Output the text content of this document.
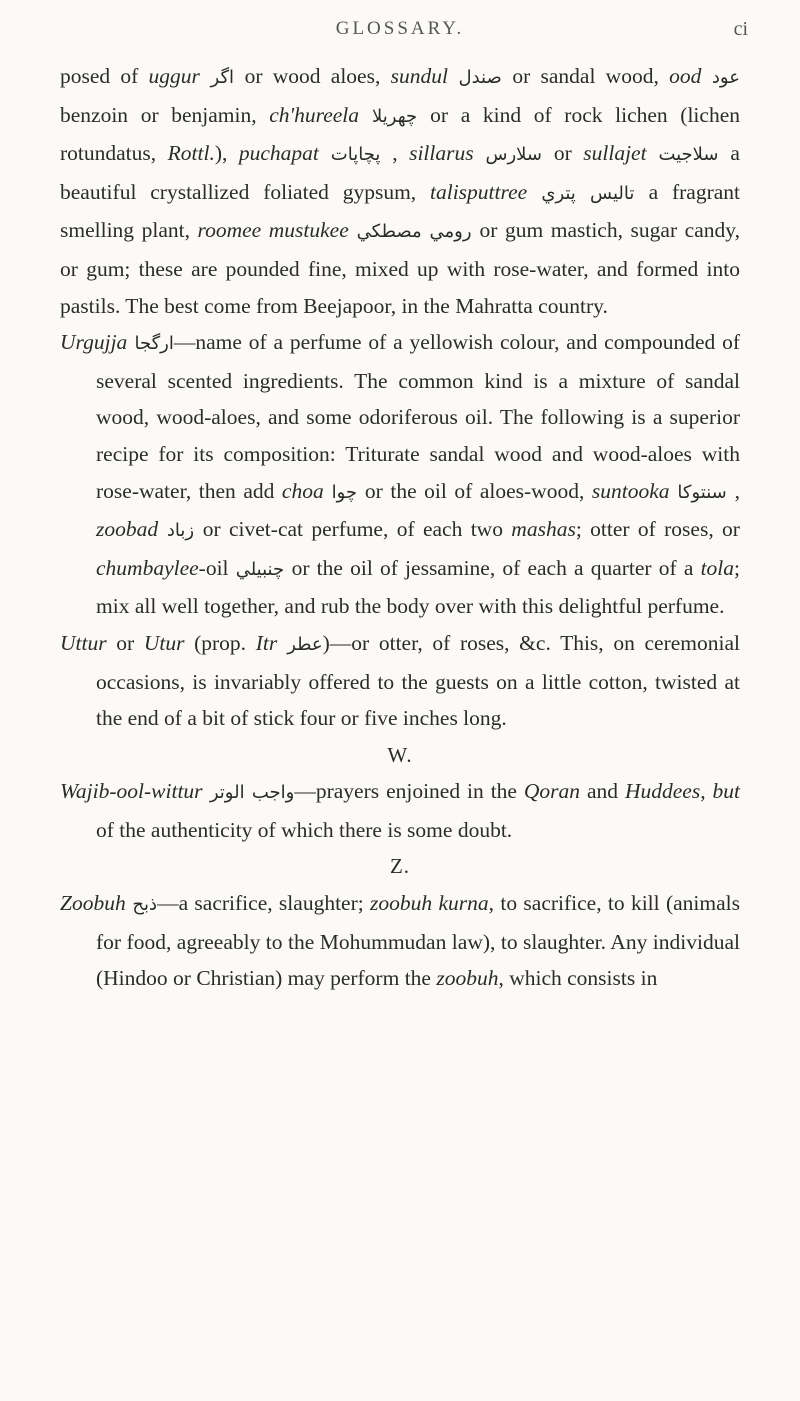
GLOSSARY.	ci

posed of uggur اگر or wood aloes, sundul صندل or sandal wood, ood عود benzoin or benjamin, ch'hureela چهريلا or a kind of rock lichen (lichen rotundatus, Rottl.), puchapat پچاپات , sillarus سلارس or sullajet سلاجيت a beautiful crystallized foliated gypsum, talisputtree تاليس پتري a fragrant smelling plant, roomee mustukee رومي مصطكي or gum mastich, sugar candy, or gum; these are pounded fine, mixed up with rose-water, and formed into pastils. The best come from Beejapoor, in the Mahratta country.

Urgujja ارگجا—name of a perfume of a yellowish colour, and compounded of several scented ingredients. The common kind is a mixture of sandal wood, wood-aloes, and some odoriferous oil. The following is a superior recipe for its composition: Triturate sandal wood and wood-aloes with rose-water, then add choa چوا or the oil of aloes-wood, suntooka سنتوكا , zoobad زباد or civet-cat perfume, of each two mashas; otter of roses, or chumbaylee-oil چنبيلي or the oil of jessamine, of each a quarter of a tola; mix all well together, and rub the body over with this delightful perfume.

Uttur or Utur (prop. Itr عطر)—or otter, of roses, &c. This, on ceremonial occasions, is invariably offered to the guests on a little cotton, twisted at the end of a bit of stick four or five inches long.

W.

Wajib-ool-wittur واجب الوتر—prayers enjoined in the Qoran and Huddees, but of the authenticity of which there is some doubt.

Z.

Zoobuh ذبح—a sacrifice, slaughter; zoobuh kurna, to sacrifice, to kill (animals for food, agreeably to the Mohummudan law), to slaughter. Any individual (Hindoo or Christian) may perform the zoobuh, which consists in
